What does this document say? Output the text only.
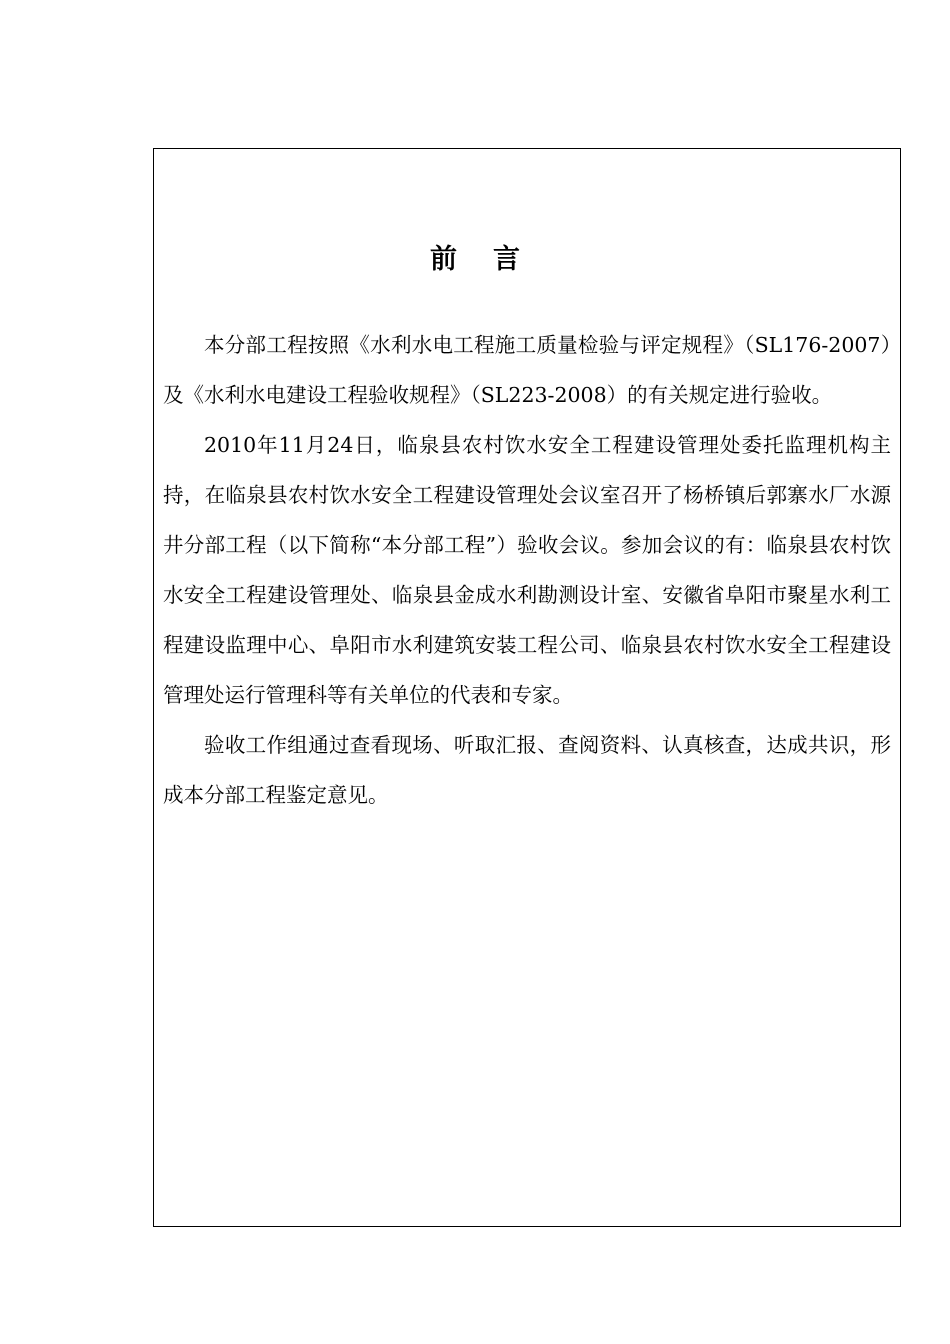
前 言

本分部工程按照《水利水电工程施工质量检验与评定规程》（SL176-2007）及《水利水电建设工程验收规程》（SL223-2008）的有关规定进行验收。

2010年11月24日，临泉县农村饮水安全工程建设管理处委托监理机构主持，在临泉县农村饮水安全工程建设管理处会议室召开了杨桥镇后郭寨水厂水源井分部工程（以下简称“本分部工程”）验收会议。参加会议的有：临泉县农村饮水安全工程建设管理处、临泉县金成水利勘测设计室、安徽省阜阳市聚星水利工程建设监理中心、阜阳市水利建筑安装工程公司、临泉县农村饮水安全工程建设管理处运行管理科等有关单位的代表和专家。

验收工作组通过查看现场、听取汇报、查阅资料、认真核查，达成共识，形成本分部工程鉴定意见。
